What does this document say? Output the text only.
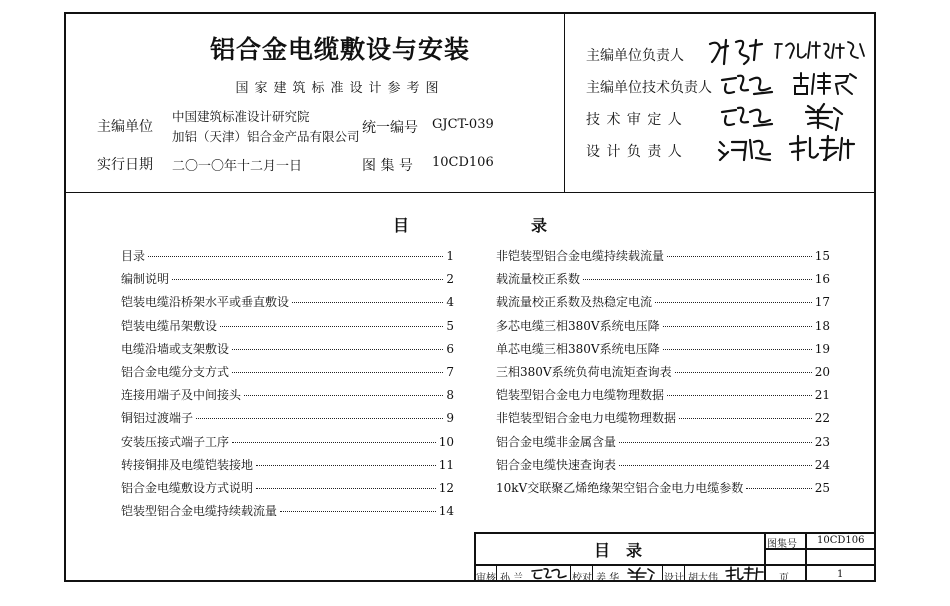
铝合金电缆敷设与安装
国家建筑标准设计参考图
主编单位
中国建筑标准设计研究院
加铝（天津）铝合金产品有限公司
统一编号 GJCT-039
实行日期 二〇一〇年十二月一日	图 集 号 10CD106
主编单位负责人
主编单位技术负责人
技 术 审 定 人
设 计 负 责 人
目	录
目录	1
编制说明	2
铠装电缆沿桥架水平或垂直敷设	4
铠装电缆吊架敷设	5
电缆沿墙或支架敷设	6
铝合金电缆分支方式	7
连接用端子及中间接头	8
铜铝过渡端子	9
安装压接式端子工序	10
转接铜排及电缆铠装接地	11
铝合金电缆敷设方式说明	12
铠装型铝合金电缆持续载流量	14
非铠装型铝合金电缆持续载流量	15
载流量校正系数	16
载流量校正系数及热稳定电流	17
多芯电缆三相380V系统电压降	18
单芯电缆三相380V系统电压降	19
三相380V系统负荷电流矩查询表	20
铠装型铝合金电力电缆物理数据	21
非铠装型铝合金电力电缆物理数据	22
铝合金电缆非金属含量	23
铝合金电缆快速查询表	24
10kV交联聚乙烯绝缘架空铝合金电力电缆参数	25
目　录	图集号 10CD106
审核 孙 兰	校对 姜 华	设计 胡大伟	页	1
